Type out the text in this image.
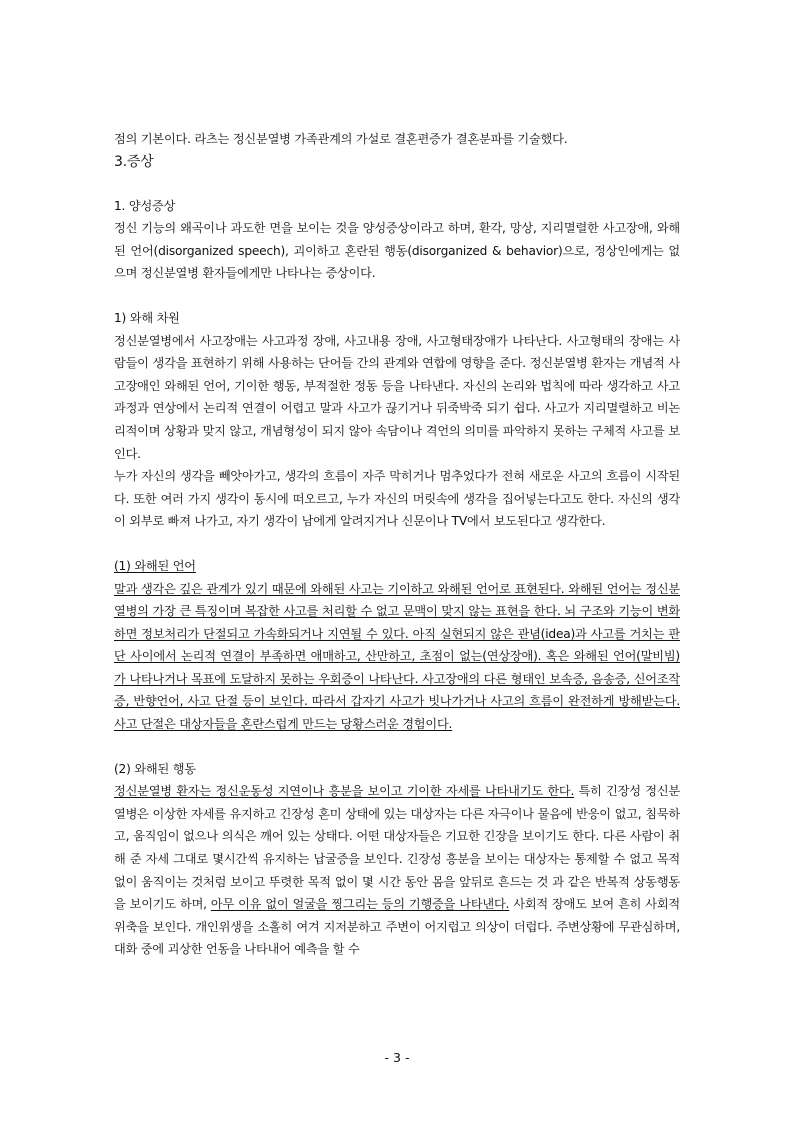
점의 기본이다. 라츠는 정신분열병 가족관계의 가설로 결혼편증가 결혼분파를 기술했다.

3.증상

1. 양성증상

정신 기능의 왜곡이나 과도한 면을 보이는 것을 양성증상이라고 하며, 환각, 망상, 지리멸렬한 사고장애, 와해된 언어(disorganized speech), 괴이하고 혼란된 행동(disorganized & behavior)으로, 정상인에게는 없으며 정신분열병 환자들에게만 나타나는 증상이다.

1) 와해 차원

정신분열병에서 사고장애는 사고과정 장애, 사고내용 장애, 사고형태장애가 나타난다. 사고형태의 장애는 사람들이 생각을 표현하기 위해 사용하는 단어들 간의 관계와 연합에 영향을 준다. 정신분열병 환자는 개념적 사고장애인 와해된 언어, 기이한 행동, 부적절한 정동 등을 나타낸다. 자신의 논리와 법칙에 따라 생각하고 사고 과정과 연상에서 논리적 연결이 어렵고 말과 사고가 끊기거나 뒤죽박죽 되기 쉽다. 사고가 지리멸렬하고 비논리적이며 상황과 맞지 않고, 개념형성이 되지 않아 속담이나 격언의 의미를 파악하지 못하는 구체적 사고를 보인다.

누가 자신의 생각을 빼앗아가고, 생각의 흐름이 자주 막히거나 멈추었다가 전혀 새로운 사고의 흐름이 시작된다. 또한 여러 가지 생각이 동시에 떠오르고, 누가 자신의 머릿속에 생각을 집어넣는다고도 한다. 자신의 생각이 외부로 빠져 나가고, 자기 생각이 남에게 알려지거나 신문이나 TV에서 보도된다고 생각한다.

(1) 와해된 언어

말과 생각은 깊은 관계가 있기 때문에 와해된 사고는 기이하고 와해된 언어로 표현된다. 와해된 언어는 정신분열병의 가장 큰 특징이며 복잡한 사고를 처리할 수 없고 문맥이 맞지 않는 표현을 한다. 뇌 구조와 기능이 변화하면 정보처리가 단절되고 가속화되거나 지연될 수 있다. 아직 실현되지 않은 관념(idea)과 사고를 거치는 판단 사이에서 논리적 연결이 부족하면 애매하고, 산만하고, 초점이 없는(연상장애). 혹은 와해된 언어(말비빔)가 나타나거나 목표에 도달하지 못하는 우회증이 나타난다. 사고장애의 다른 형태인 보속증, 음송증, 신어조작증, 반향언어, 사고 단절 등이 보인다. 따라서 갑자기 사고가 빗나가거나 사고의 흐름이 완전하게 방해받는다. 사고 단절은 대상자들을 혼란스럽게 만드는 당황스러운 경험이다.

(2) 와해된 행동

정신분열병 환자는 정신운동성 지연이나 흥분을 보이고 기이한 자세를 나타내기도 한다. 특히 긴장성 정신분열병은 이상한 자세를 유지하고 긴장성 혼미 상태에 있는 대상자는 다른 자극이나 물음에 반응이 없고, 침묵하고, 움직임이 없으나 의식은 깨어 있는 상태다. 어떤 대상자들은 기묘한 긴장을 보이기도 한다. 다른 사람이 취해 준 자세 그대로 몇시간씩 유지하는 납굴증을 보인다. 긴장성 흥분을 보이는 대상자는 통제할 수 없고 목적 없이 움직이는 것처럼 보이고 뚜렷한 목적 없이 몇 시간 동안 몸을 앞뒤로 흔드는 것 과 같은 반복적 상동행동을 보이기도 하며, 아무 이유 없이 얼굴을 찡그리는 등의 기행증을 나타낸다. 사회적 장애도 보여 흔히 사회적 위축을 보인다. 개인위생을 소홀히 여겨 지저분하고 주변이 어지럽고 의상이 더럽다. 주변상황에 무관심하며, 대화 중에 괴상한 언동을 나타내어 예측을 할 수

- 3 -
